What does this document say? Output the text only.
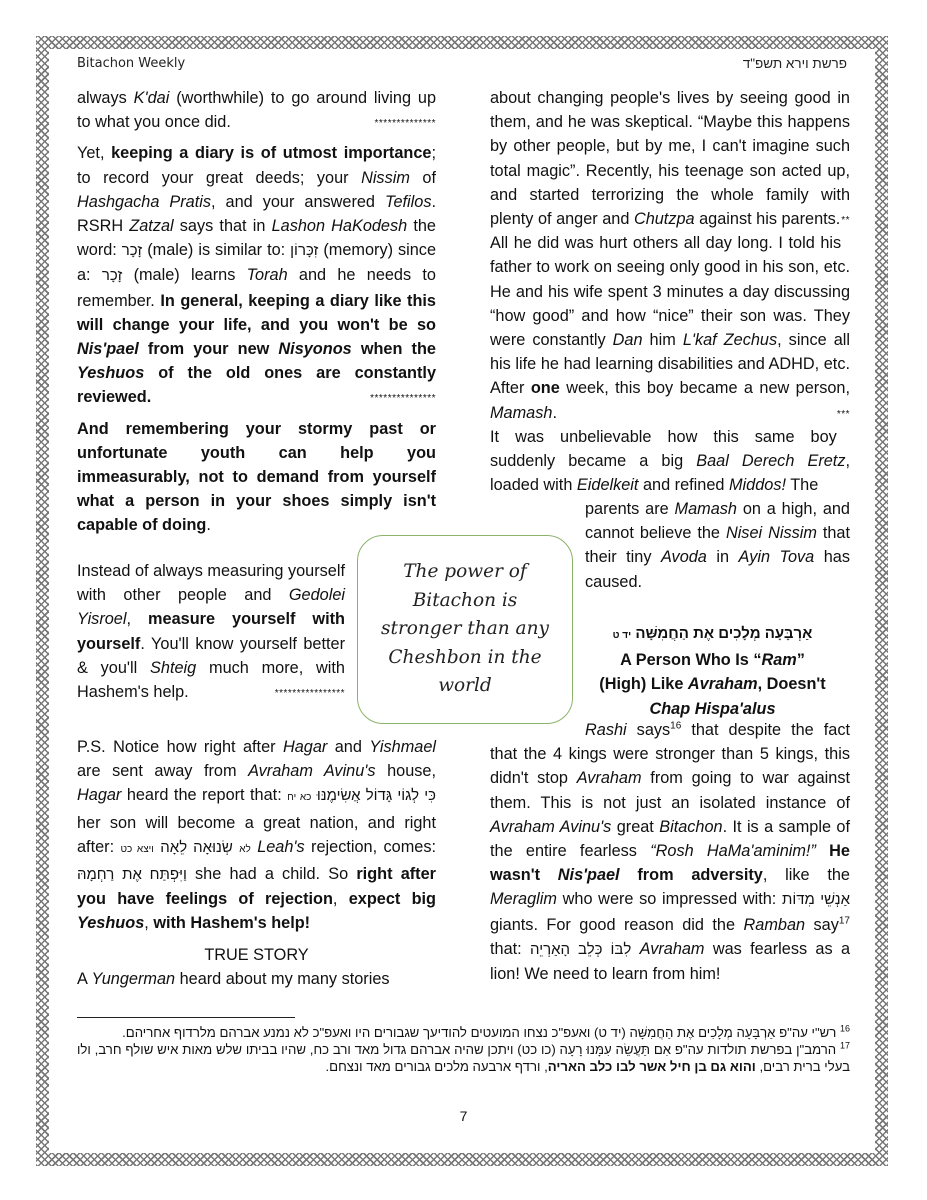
Bitachon Weekly	פרשת וירא תשפ"ד

always K'dai (worthwhile) to go around living up to what you once did.	**************

Yet, keeping a diary is of utmost importance; to record your great deeds; your Nissim of Hashgacha Pratis, and your answered Tefilos. RSRH Zatzal says that in Lashon HaKodesh the word: זָכָר (male) is similar to: זִכָּרוֹן (memory) since a: זָכָר (male) learns Torah and he needs to remember. In general, keeping a diary like this will change your life, and you won't be so Nis'pael from your new Nisyonos when the Yeshuos of the old ones are constantly reviewed.	***************

And remembering your stormy past or unfortunate youth can help you immeasurably, not to demand from yourself what a person in your shoes simply isn't capable of doing.

Instead of always measuring yourself with other people and Gedolei Yisroel, measure yourself with yourself. You'll know yourself better & you'll Shteig much more, with Hashem's help.	****************

P.S. Notice how right after Hagar and Yishmael are sent away from Avraham Avinu's house, Hagar heard the report that: כא יח כִּי לְגוֹי גָּדוֹל אֲשִׂימֶנּוּ her son will become a great nation, and right after: ויצא כט שְׂנוּאָה לֵאָה לא Leah's rejection, comes: וַיִּפְתַּח אֶת רַחְמָהּ she had a child. So right after you have feelings of rejection, expect big Yeshuos, with Hashem's help!

TRUE STORY

A Yungerman heard about my many stories

about changing people's lives by seeing good in them, and he was skeptical. “Maybe this happens by other people, but by me, I can't imagine such total magic”. Recently, his teenage son acted up, and started terrorizing the whole family with plenty of anger and Chutzpa against his parents. **

All he did was hurt others all day long. I told his father to work on seeing only good in his son, etc. He and his wife spent 3 minutes a day discussing “how good” and how “nice” their son was. They were constantly Dan him L'kaf Zechus, since all his life he had learning disabilities and ADHD, etc. After one week, this boy became a new person, Mamash.	***

It was unbelievable how this same boy suddenly became a big Baal Derech Eretz, loaded with Eidelkeit and refined Middos! The

parents are Mamash on a high, and cannot believe the Nisei Nissim that their tiny Avoda in Ayin Tova has caused.
אַרְבָּעָה מְלָכִים אֶת הַחֲמִשָּׁה יד ט
A Person Who Is “Ram”
(High) Like Avraham, Doesn't
Chap Hispa'alus

Rashi says$^{16}$ that despite the fact that the 4 kings were stronger than 5 kings, this didn't stop Avraham from going to war against them. This is not just an isolated instance of Avraham Avinu's great Bitachon. It is a sample of the entire fearless “Rosh HaMa'aminim!” He wasn't Nis'pael from adversity, like the Meraglim who were so impressed with: אַנְשֵׁי מִדּוֹת giants. For good reason did the Ramban say$^{17}$ that: לִבּוֹ כְּלֵב הָאַרְיֵה Avraham was fearless as a lion! We need to learn from him!

The power of Bitachon is stronger than any Cheshbon in the world

$^{16}$ רש"י עה"פ אַרְבָּעָה מְלָכִים אֶת הַחֲמִשָּׁה (יד ט) ואעפ"כ נצחו המועטים להודיעך שגבורים היו ואעפ"כ לא נמנע אברהם מלרדוף אחריהם.

$^{17}$ הרמב"ן בפרשת תולדות עה"פ אִם תַּעֲשֵׂה עִמָּנוּ רָעָה (כו כט) ויתכן שהיה אברהם גדול מאד ורב כח, שהיו בביתו שלש מאות איש שולף חרב, ולו בעלי ברית רבים, והוא גם בן חיל אשר לבו כלב האריה, ורדף ארבעה מלכים גבורים מאד ונצחם.

7
